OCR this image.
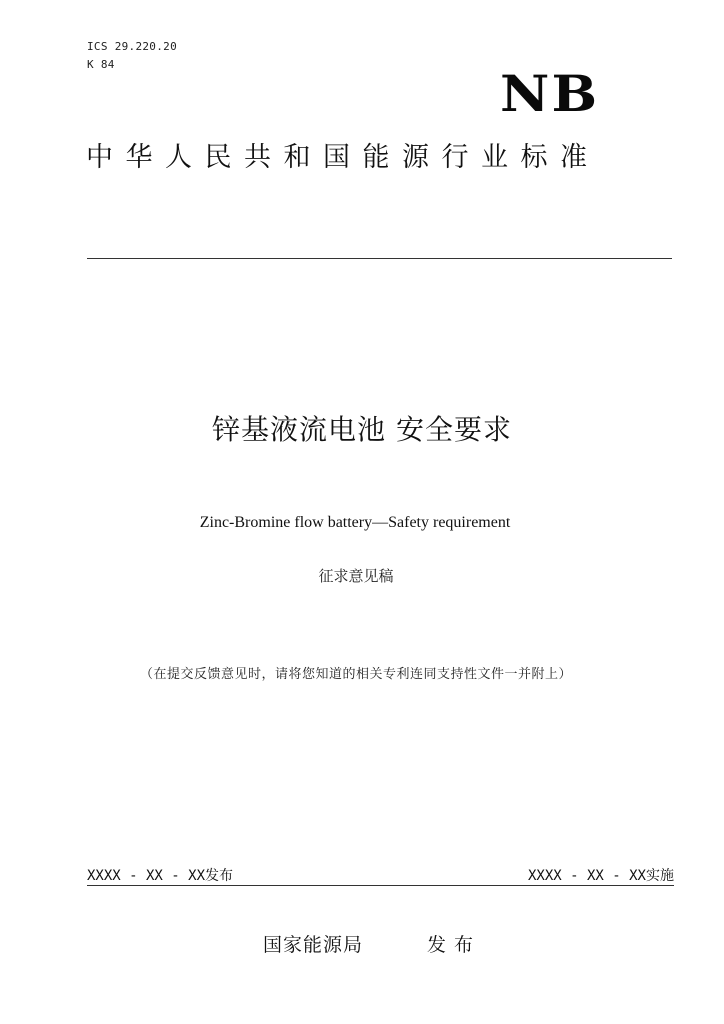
ICS 29.220.20
K 84	NB
中华人民共和国能源行业标准
锌基液流电池 安全要求
Zinc-Bromine flow battery—Safety requirement
征求意见稿
（在提交反馈意见时，请将您知道的相关专利连同支持性文件一并附上）
XXXX - XX - XX发布	XXXX - XX - XX实施
国家能源局	发布
